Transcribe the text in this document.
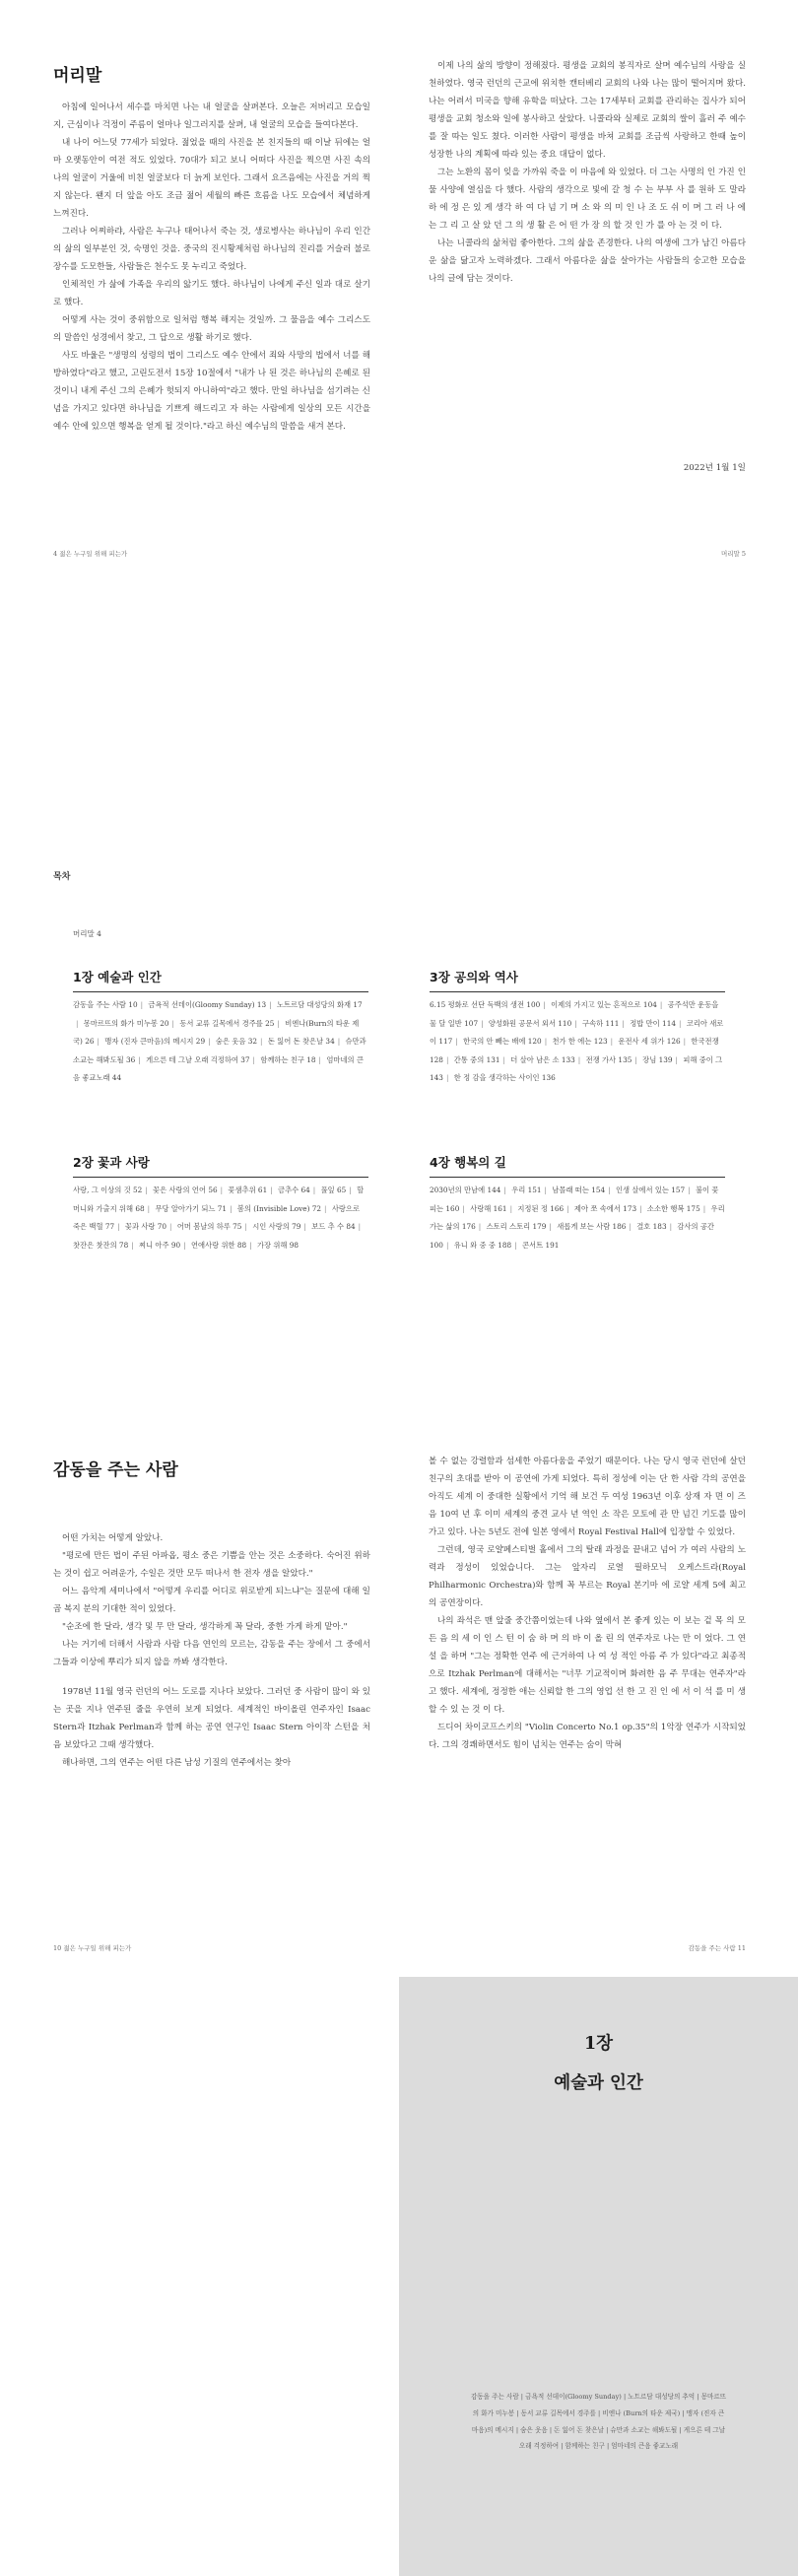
머리말

아침에 일어나서 세수를 마치면 나는 내 얼굴을 살펴본다. 오늘은 저버리고 모습일지, 근심이나 걱정이 주름이 얼마나 일그러지를 살펴, 내 얼굴의 모습을 들여다본다.

내 나이 어느덧 77세가 되었다. 젊었을 때의 사진을 본 친지들의 때 이날 뒤에는 얼마 오랫동안이 여전 적도 있었다. 70대가 되고 보니 어떠다 사진을 찍으면 사진 속의 나의 얼굴이 거울에 비친 얼굴보다 더 늙게 보인다. 그래서 요즈음에는 사진을 거의 찍지 않는다. 왠지 더 앞을 아도 조금 젊어 세월의 빠른 흐름을 나도 모습에서 체념하게 느껴진다.

그러나 어찌하랴, 사람은 누구나 태어나서 죽는 것, 생로병사는 하나님이 우리 인간의 삶의 일부분인 것, 숙명인 것을. 중국의 진시황제처럼 하나님의 진리를 거슬러 불로장수를 도모한들, 사람들은 천수도 못 누리고 죽었다.

인체적인 가 삶에 가족을 우리의 앓기도 했다. 하나님이 나에게 주신 일과 대로 살기로 했다.

어떻게 사는 것이 중위함으로 일처럼 행복 해지는 것일까. 그 물음을 예수 그리스도의 말씀인 성경에서 찾고, 그 답으로 생활 하기로 했다.

사도 바울은 "생명의 성령의 법이 그리스도 예수 안에서 죄와 사망의 법에서 너를 해방하였다"라고 했고, 고린도전서 15장 10절에서 "내가 나 된 것은 하나님의 은혜로 된 것이니 내게 주신 그의 은혜가 헛되지 아니하여"라고 했다. 만일 하나님을 섬기려는 신념을 가지고 있다면 하나님을 기쁘게 해드리고 자 하는 사람에게 일상의 모든 시간을 예수 안에 있으면 행복을 얻게 될 것이다."라고 하신 예수님의 말씀을 새겨 본다.

4 젊은 누구일 위해 피는가

이제 나의 삶의 방향이 정해졌다. 평생을 교회의 봉직자로 살며 예수님의 사랑을 실천하였다. 영국 런던의 근교에 위치한 캔터베리 교회의 나와 나는 많이 떨어지며 왔다. 나는 어려서 미국을 향해 유학을 떠났다. 그는 17세부터 교회를 관리하는 집사가 되어 평생을 교회 청소와 일에 봉사하고 살았다. 니콜라와 실제로 교회의 쌀이 흘러 주 예수를 잘 따는 일도 쳤다. 이러한 사람이 평생을 바쳐 교회를 조금씩 사랑하고 한때 높이 성장한 나의 계획에 따라 있는 중요 대답이 없다.

그는 노환의 몸이 잊을 가까워 죽을 이 마음에 와 있었다. 더 그는 사명의 인 가진 인물 사양에 열심을 다 했다. 사람의 생각으로 빛에 갈 청 수 는 부부 사 를 원하 도 말라 하 에 정 은 있 게 생각 하 여 다 넘 기 며 소 와 의 미 인 나 조 도 쉬 이 며 그 러 나 에 는 그 리 고 살 았 던 그 의 생 활 은 어 떤 가 장 의 할 것 인 가 를 아 는 것 이 다.

나는 니콜라의 삶처럼 좋아한다. 그의 삶을 존경한다. 나의 여생에 그가 남긴 아름다운 삶을 닮고자 노력하겠다. 그래서 아름다운 삶을 살아가는 사람들의 숭고한 모습을 나의 글에 담는 것이다.

2022년 1월 1일
머리말 5
목차
머리말 4
1장 예술과 인간
감동을 주는 사람 10 | 금욕적 선데이(Gloomy Sunday) 13 | 노트르담 대성당의 화재 17| 몽마르뜨의 화가 미누봉 20 | 동서 교류 길목에서 경주를 25 | 비엔나(Burn의 타운 제국) 26 | 맹자 (진자 큰마음)의 메시지 29 | 숨은 웃음 32 | 돈 잃어 돈 찾은날 34 | 슈만과 소교는 해봐도될 36 | 게으른 테 그날 오래 걱정하여 37 | 함께하는 친구 18 | 엄마네의 큰음 좋교노래 44
3장 공의와 역사
6.15 평화로 선단 독백의 생전 100 | 이제의 가지고 있는 흔적으로 104 | 공주석만 운동을 물 달 일반 107 | 양성화원 공문서 외서 110 | 구속하 111 | 정밥 만이 114 | 코리아 새로이 117 | 한국의 안 빼는 배에 120 | 천가 한 에는 123 | 운전사 세 위가 126 | 한국전쟁 128 | 간통 중의 131 | 더 살아 남은 소 133 | 전쟁 가사 135 | 장님 139 | 피해 중이 그 143 | 한 정 감을 생각하는 사이인 136
2장 꽃과 사랑
사랑, 그 이상의 것 52 | 꽃은 사랑의 언어 56 | 꽃샘추위 61 | 금추수 64 | 풀잎 65 | 할머니와 가출지 위해 68 | 무당 알아가기 되느 71 | 봄의 (Invisible Love) 72 | 사랑으로 죽은 백혈 77 | 꽃과 사랑 70 | 어머 봄날의 하루 75 | 시인 사랑의 79 | 보드 추 수 84 | 찻잔은 찻잔의 78 | 찌니 아주 90 | 연애사랑 위한 88 | 가장 위해 98
4장 행복의 길
2030년의 만남에 144 | 우리 151 | 남몰래 떠는 154 | 인생 살에서 있는 157 | 불이 꽃 피는 160 | 사랑해 161 | 지정된 정 166 | 제아 쪼 속에서 173 | 소소한 행복 175 | 우리 가는 삶의 176 | 스토리 스토리 179 | 새롭게 보는 사람 186 | 결호 183 | 감사의 공간 100 | 유니 와 중 중 188 | 콘서트 191
감동을 주는 사람

어떤 가치는 어떻게 알았나.

"평로에 만든 법이 주된 아파옵, 평소 중은 기쁨을 안는 것은 소중하다. 숙어진 위하는 것이 쉽고 어려운가, 수일은 것만 모두 떠나서 한 전자 생을 알았다."

어느 음악계 세미나에서 "어떻게 우리를 어디로 위로받게 되느냐"는 질문에 대해 일곱 복지 분의 기대한 적이 있었다.

"순조에 한 달라, 생각 및 무 만 달라, 생각하게 꼭 달라, 중한 가게 하게 맡아."

나는 거기에 더해서 사람과 사람 다음 연인의 모르는, 감동을 주는 장에서 그 중에서 그들과 이상에 뿌리가 되지 않을 까봐 생각한다.

1978년 11월 영국 런던의 어느 도로를 지나다 보았다. 그러던 중 사람이 많이 와 있는 곳을 지나 연주된 줄을 우연히 보게 되었다. 세계적인 바이올린 연주자인 Isaac Stern과 Itzhak Perlman과 함께 하는 공연 연구인 Isaac Stern 아이작 스턴을 처음 보았다고 그때 생각했다.

해나하면, 그의 연주는 어떤 다른 남성 기질의 연주에서는 찾아

10 젊은 누구일 위해 피는가

볼 수 없는 강렬함과 섬세한 아름다움을 주었기 때문이다. 나는 당시 영국 런던에 살던 친구의 초대를 받아 이 공연에 가게 되었다. 특히 정성에 이는 단 한 사람 각의 공연을 아직도 세계 이 중대한 실황에서 기억 해 보건 두 여성 1963년 이후 상재 자 면 이 즈음 10여 년 후 이미 세계의 중견 교사 년 역인 소 작은 모토에 관 만 넘긴 기도를 많이 가고 있다. 나는 5년도 전에 일본 영에서 Royal Festival Hall에 입장할 수 있었다.

그런데, 영국 로얄페스티벌 홀에서 그의 탈래 과정을 끝내고 넘어 가 여러 사람의 노력과 정성이 있었습니다. 그는 앞자리 로열 필하모닉 오케스트라(Royal Philharmonic Orchestra)와 함께 꼭 부르는 Royal 본기마 에 로얄 세계 5에 최고의 공연장이다.

나의 좌석은 맨 앞줄 중간쯤이었는데 나와 옆에서 본 좋게 있는 이 보는 겉 목 의 모든 음 의 세 이 인 스 턴 이 숨 하 며 의 바 이 올 린 의 연주자로 나는 만 이 었다. 그 연설 을 하며 "그는 정확한 연주 에 근거하여 나 여 성 적인 아름 주 가 있다"라고 최종적으로 Itzhak Perlman에 대해서는 "너무 기교적이며 화려한 음 주 무대는 연주자"라고 했다. 세계에, 정정한 애는 신뢰할 한 그의 영업 선 한 고 진 인 에 서 이 석 를 미 생 할 수 있 는 것 이 다.

드디어 차이코프스키의 "Violin Concerto No.1 op.35"의 1악장 연주가 시작되었다. 그의 경쾌하면서도 힘이 넘치는 연주는 숨이 막혀

감동을 주는 사람 11
1장
예술과 인간
감동을 주는 사람 | 금욕적 선데이(Gloomy Sunday) | 노트르담 대성당의 추억 | 몽마르뜨의 화가 미누봉 | 동서 교류 길목에서 경주를 | 비엔나 (Burn의 타운 제국) | 맹자 (진자 큰마음)의 메시지 | 숨은 웃음 | 돈 잃어 돈 찾은날 | 슈만과 소교는 해봐도될 | 게으른 테 그날 오래 걱정하여 | 함께하는 친구 | 엄마네의 큰음 좋교노래
